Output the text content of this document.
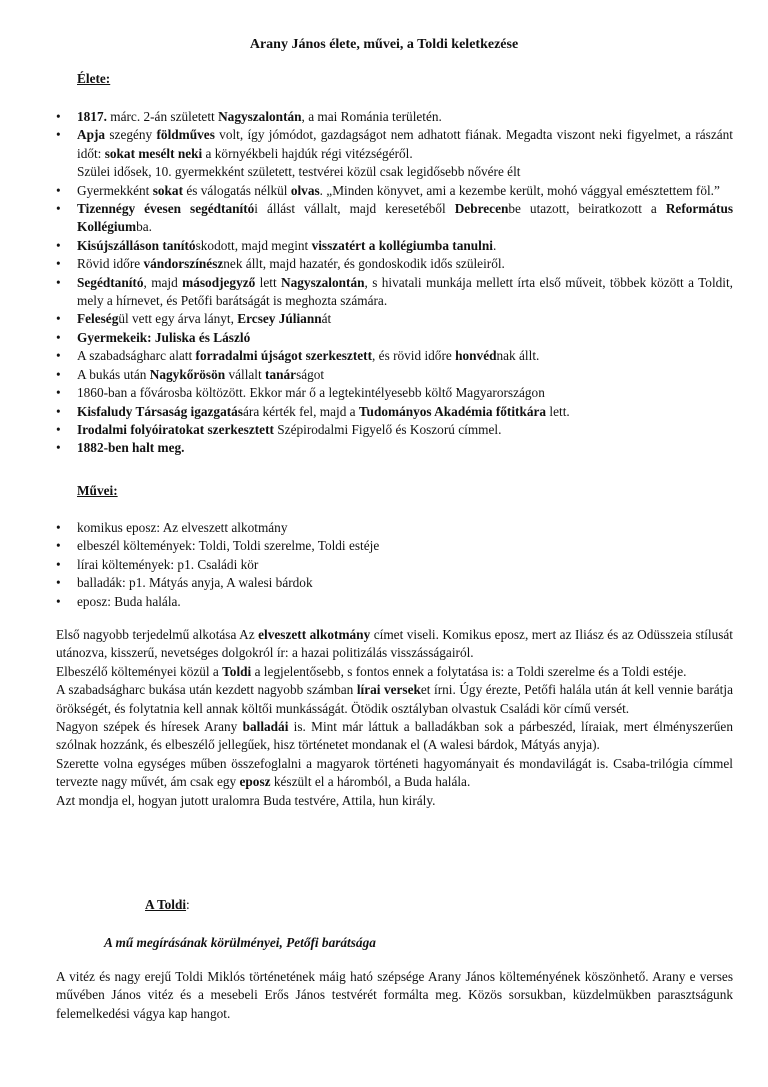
Arany János élete, művei, a Toldi keletkezése
Élete:
• 1817. márc. 2-án született Nagyszalontán, a mai Románia területén.
• Apja szegény földműves volt, így jómódot, gazdagságot nem adhatott fiának. Megadta viszont neki figyelmet, a rászánt időt: sokat mesélt neki a környékbeli hajdúk régi vitézségéről.
Szülei idősek, 10. gyermekként született, testvérei közül csak legidősebb nővére élt
• Gyermekként sokat és válogatás nélkül olvas. „Minden könyvet, ami a kezembe került, mohó vággyal emésztettem föl.”
• Tizennégy évesen segédtanítói állást vállalt, majd keresetéből Debrecenbe utazott, beiratkozott a Református Kollégiumba.
• Kisújszálláson tanítóskodott, majd megint visszatért a kollégiumba tanulni.
• Rövid időre vándorszínésznek állt, majd hazatér, és gondoskodik idős szüleiről.
• Segédtanító, majd másodjegyző lett Nagyszalontán, s hivatali munkája mellett írta első műveit, többek között a Toldit, mely a hírnevet, és Petőfi barátságát is meghozta számára.
• Feleségül vett egy árva lányt, Ercsey Júliannát
• Gyermekeik: Juliska és László
• A szabadságharc alatt forradalmi újságot szerkesztett, és rövid időre honvédnak állt.
• A bukás után Nagykőrösön vállalt tanárságot
• 1860-ban a fővárosba költözött. Ekkor már ő a legtekintélyesebb költő Magyarországon
• Kisfaludy Társaság igazgatására kérték fel, majd a Tudományos Akadémia főtitkára lett.
• Irodalmi folyóiratokat szerkesztett Szépirodalmi Figyelő és Koszorú címmel.
• 1882-ben halt meg.
Művei:
• komikus eposz: Az elveszett alkotmány
• elbeszél költemények: Toldi, Toldi szerelme, Toldi estéje
• lírai költemények: p1. Családi kör
• balladák: p1. Mátyás anyja, A walesi bárdok
• eposz: Buda halála.

Első nagyobb terjedelmű alkotása Az elveszett alkotmány címet viseli. Komikus eposz, mert az Iliász és az Odüsszeia stílusát utánozva, kisszerű, nevetséges dolgokról ír: a hazai politizálás visszásságairól.

Elbeszélő költeményei közül a Toldi a legjelentősebb, s fontos ennek a folytatása is: a Toldi szerelme és a Toldi estéje.

A szabadságharc bukása után kezdett nagyobb számban lírai verseket írni. Úgy érezte, Petőfi halála után át kell vennie barátja örökségét, és folytatnia kell annak költői munkásságát. Ötödik osztályban olvastuk Családi kör című versét.

Nagyon szépek és híresek Arany balladái is. Mint már láttuk a balladákban sok a párbeszéd, líraiak, mert élményszerűen szólnak hozzánk, és elbeszélő jellegűek, hisz történetet mondanak el (A walesi bárdok, Mátyás anyja).

Szerette volna egységes műben összefoglalni a magyarok történeti hagyományait és mondavilágát is. Csaba-trilógia címmel tervezte nagy művét, ám csak egy eposz készült el a háromból, a Buda halála.

Azt mondja el, hogyan jutott uralomra Buda testvére, Attila, hun király.

A Toldi:
A mű megírásának körülményei, Petőfi barátsága
A vitéz és nagy erejű Toldi Miklós történetének máig ható szépsége Arany János költeményének köszönhető. Arany e verses művében János vitéz és a mesebeli Erős János testvérét formálta meg. Közös sorsukban, küzdelmükben parasztságunk felemelkedési vágya kap hangot.
